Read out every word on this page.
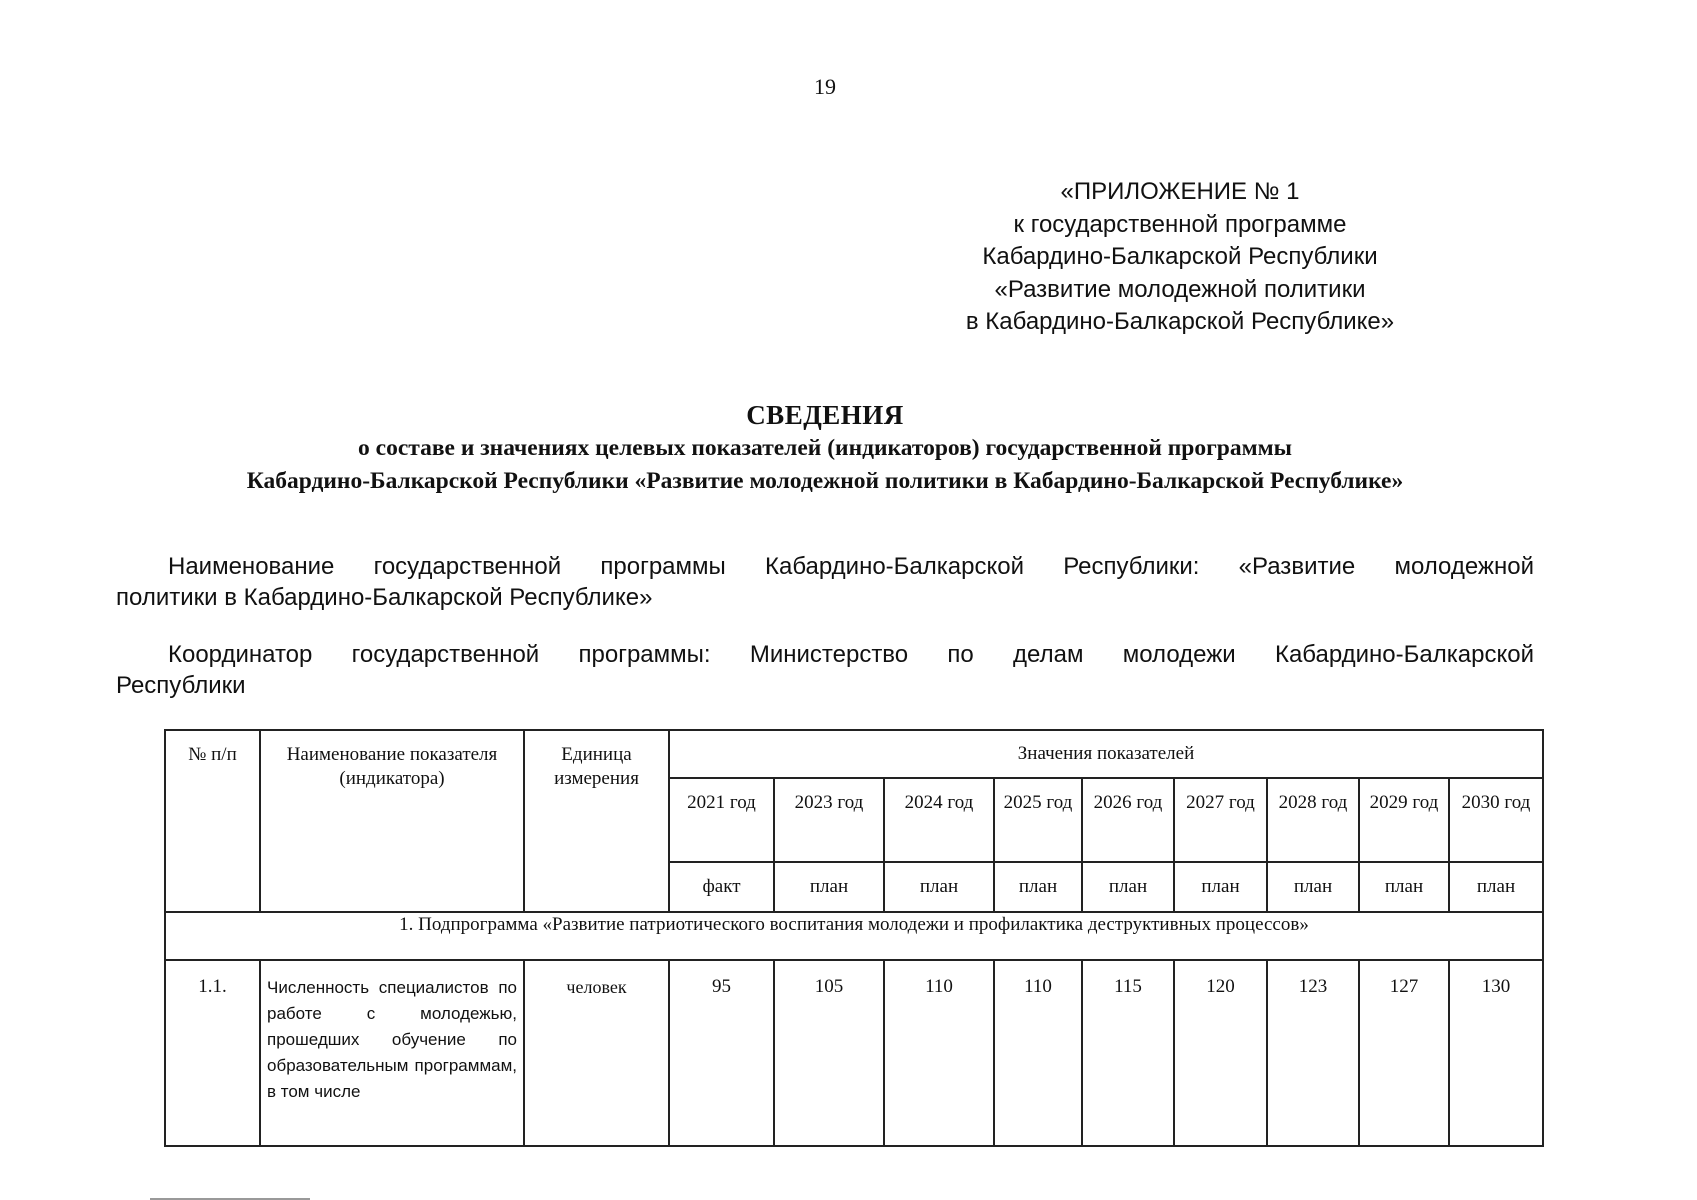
19
«ПРИЛОЖЕНИЕ № 1
к государственной программе
Кабардино-Балкарской Республики
«Развитие молодежной политики
в Кабардино-Балкарской Республике»
СВЕДЕНИЯ
о составе и значениях целевых показателей (индикаторов) государственной программы
Кабардино-Балкарской Республики «Развитие молодежной политики в Кабардино-Балкарской Республике»
Наименование государственной программы Кабардино-Балкарской Республики: «Развитие молодежной
политики в Кабардино-Балкарской Республике»
Координатор государственной программы: Министерство по делам молодежи Кабардино-Балкарской
Республики
№ п/п	Наименование показателя (индикатора)	Единица измерения	Значения показателей								
			2021 год	2023 год	2024 год	2025 год	2026 год	2027 год	2028 год	2029 год	2030 год
			факт	план	план	план	план	план	план	план	план
1. Подпрограмма «Развитие патриотического воспитания молодежи и профилактика деструктивных процессов»											
1.1.	Численность специалистов по работе с молодежью, прошедших обучение по образовательным программам, в том числе	человек	95	105	110	110	115	120	123	127	130
